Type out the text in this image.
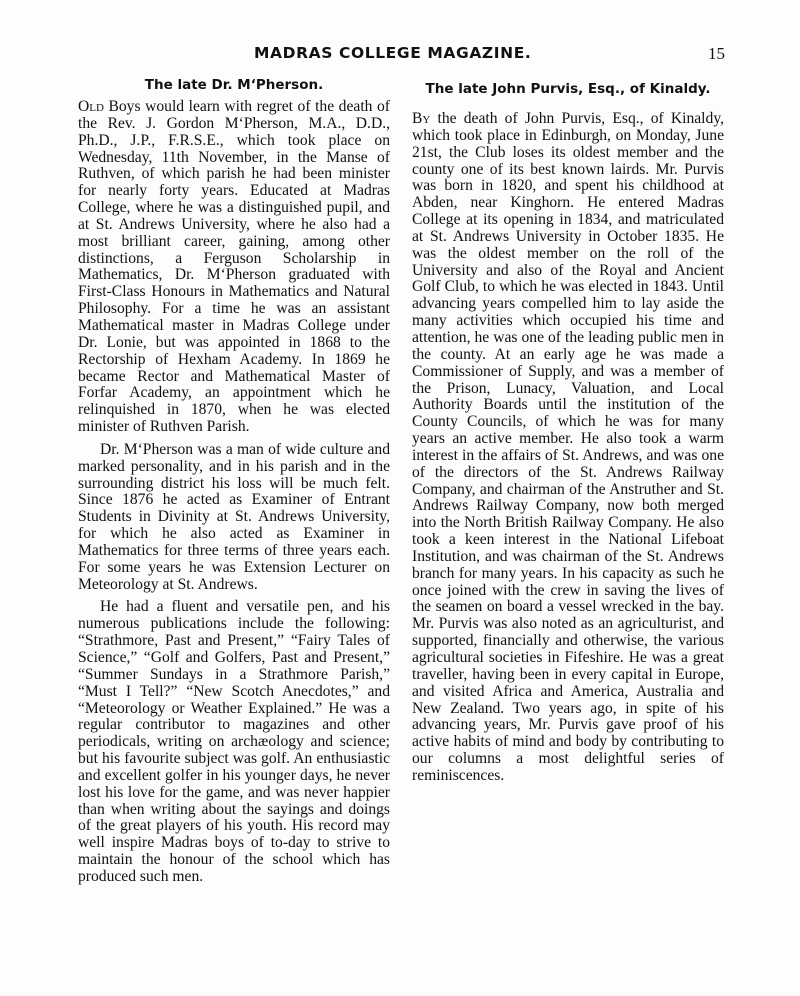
MADRAS COLLEGE MAGAZINE.	15
The late Dr. M‘Pherson.

Old Boys would learn with regret of the death of the Rev. J. Gordon M‘Pherson, M.A., D.D., Ph.D., J.P., F.R.S.E., which took place on Wednesday, 11th November, in the Manse of Ruthven, of which parish he had been minister for nearly forty years. Educated at Madras College, where he was a distinguished pupil, and at St. Andrews University, where he also had a most brilliant career, gaining, among other distinctions, a Ferguson Scholarship in Mathematics, Dr. M‘Pherson graduated with First-Class Honours in Mathematics and Natural Philosophy. For a time he was an assistant Mathematical master in Madras College under Dr. Lonie, but was appointed in 1868 to the Rectorship of Hexham Academy. In 1869 he became Rector and Mathematical Master of Forfar Academy, an appointment which he relinquished in 1870, when he was elected minister of Ruthven Parish.

Dr. M‘Pherson was a man of wide culture and marked personality, and in his parish and in the surrounding district his loss will be much felt. Since 1876 he acted as Examiner of Entrant Students in Divinity at St. Andrews University, for which he also acted as Examiner in Mathematics for three terms of three years each. For some years he was Extension Lecturer on Meteorology at St. Andrews.

He had a fluent and versatile pen, and his numerous publications include the following: “Strathmore, Past and Present,” “Fairy Tales of Science,” “Golf and Golfers, Past and Present,” “Summer Sundays in a Strathmore Parish,” “Must I Tell?” “New Scotch Anecdotes,” and “Meteorology or Weather Explained.” He was a regular contributor to magazines and other periodicals, writing on archæology and science; but his favourite subject was golf. An enthusiastic and excellent golfer in his younger days, he never lost his love for the game, and was never happier than when writing about the sayings and doings of the great players of his youth. His record may well inspire Madras boys of to-day to strive to maintain the honour of the school which has produced such men.

The late John Purvis, Esq., of Kinaldy.

By the death of John Purvis, Esq., of Kinaldy, which took place in Edinburgh, on Monday, June 21st, the Club loses its oldest member and the county one of its best known lairds. Mr. Purvis was born in 1820, and spent his childhood at Abden, near Kinghorn. He entered Madras College at its opening in 1834, and matriculated at St. Andrews University in October 1835. He was the oldest member on the roll of the University and also of the Royal and Ancient Golf Club, to which he was elected in 1843. Until advancing years compelled him to lay aside the many activities which occupied his time and attention, he was one of the leading public men in the county. At an early age he was made a Commissioner of Supply, and was a member of the Prison, Lunacy, Valuation, and Local Authority Boards until the institution of the County Councils, of which he was for many years an active member. He also took a warm interest in the affairs of St. Andrews, and was one of the directors of the St. Andrews Railway Company, and chairman of the Anstruther and St. Andrews Railway Company, now both merged into the North British Railway Company. He also took a keen interest in the National Lifeboat Institution, and was chairman of the St. Andrews branch for many years. In his capacity as such he once joined with the crew in saving the lives of the seamen on board a vessel wrecked in the bay. Mr. Purvis was also noted as an agriculturist, and supported, financially and otherwise, the various agricultural societies in Fifeshire. He was a great traveller, having been in every capital in Europe, and visited Africa and America, Australia and New Zealand. Two years ago, in spite of his advancing years, Mr. Purvis gave proof of his active habits of mind and body by contributing to our columns a most delightful series of reminiscences.
